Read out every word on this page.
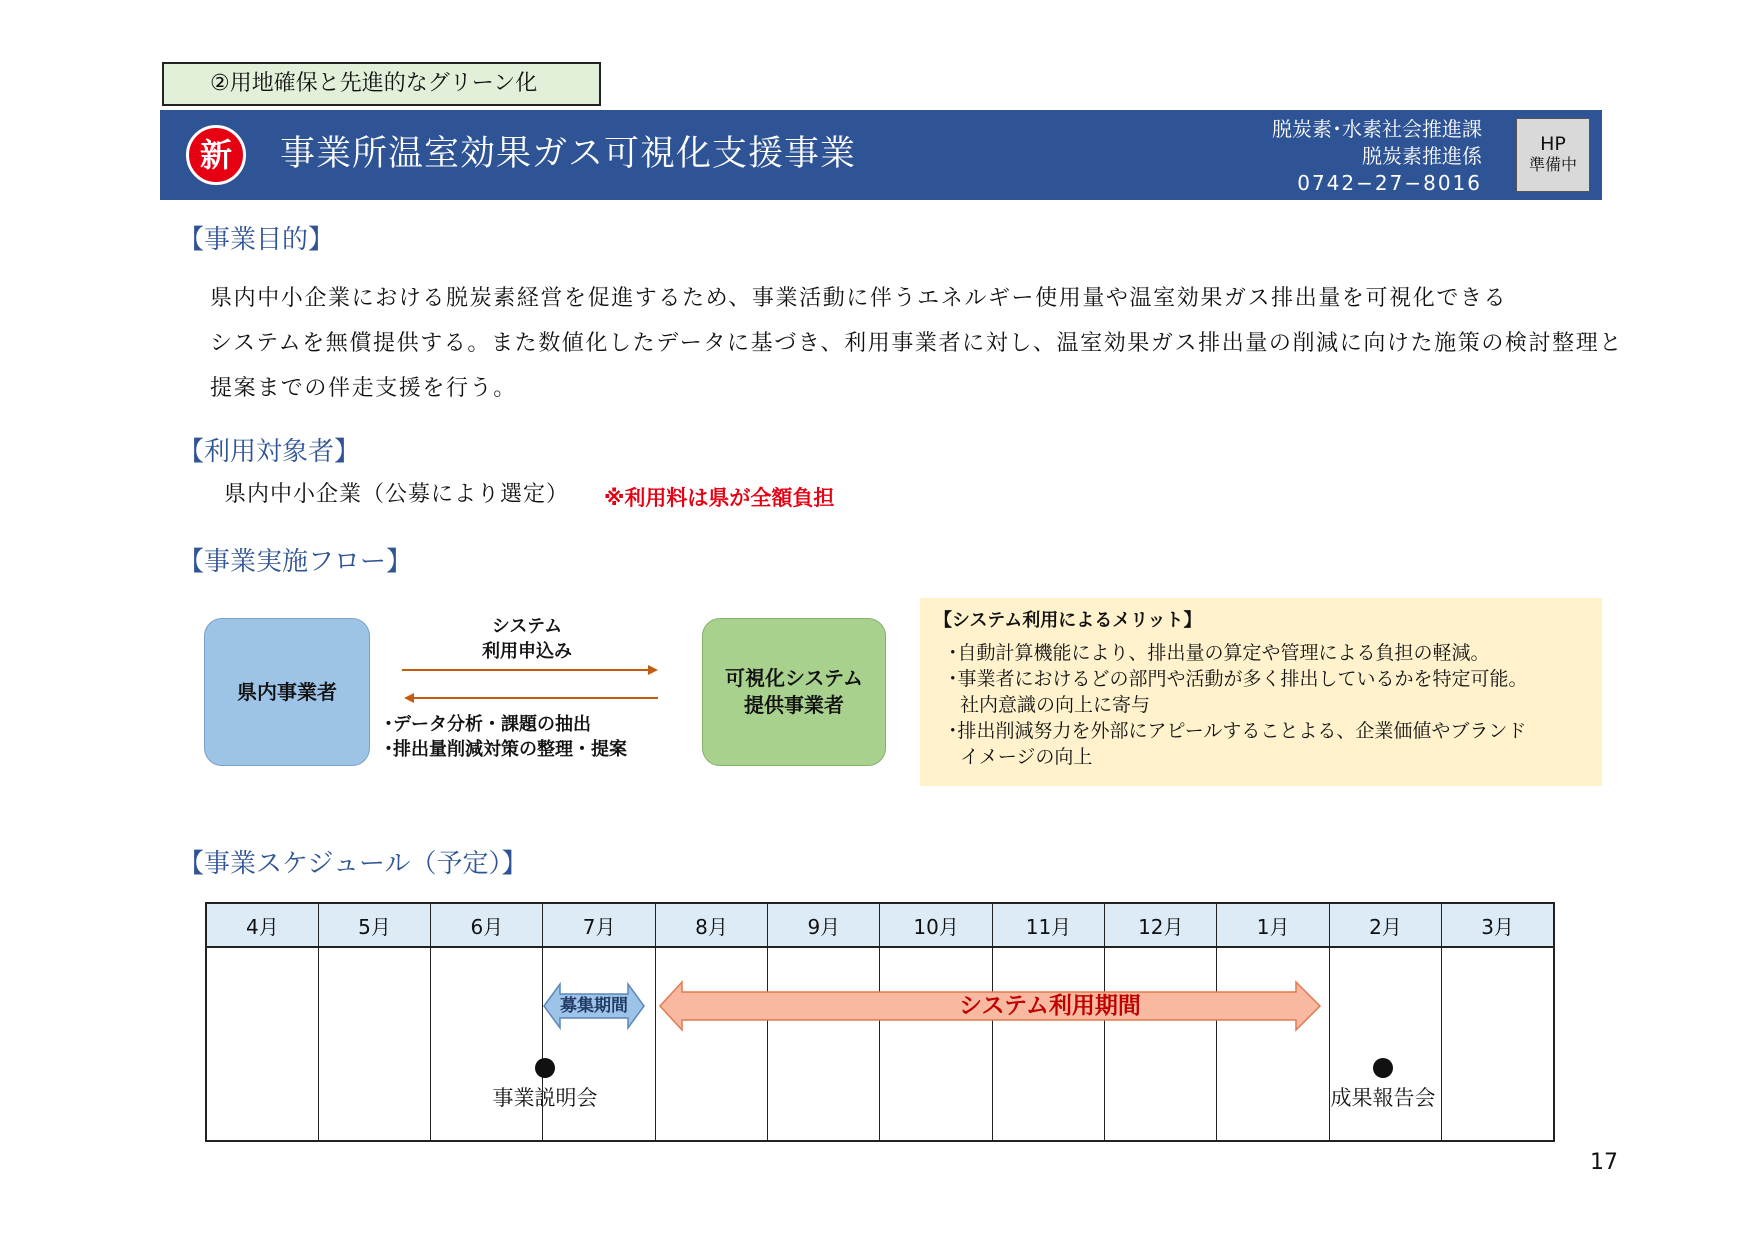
②用地確保と先進的なグリーン化
新	事業所温室効果ガス可視化支援事業
脱炭素･水素社会推進課
脱炭素推進係
0742−27−8016
HP
準備中
【事業目的】
県内中小企業における脱炭素経営を促進するため、事業活動に伴うエネルギー使用量や温室効果ガス排出量を可視化できる
システムを無償提供する。また数値化したデータに基づき、利用事業者に対し、温室効果ガス排出量の削減に向けた施策の検討整理と
提案までの伴走支援を行う。
【利用対象者】
県内中小企業（公募により選定） ※利用料は県が全額負担
【事業実施フロー】
県内事業者
可視化システム
提供事業者
システム
利用申込み
･データ分析・課題の抽出
･排出量削減対策の整理・提案
【システム利用によるメリット】
･自動計算機能により、排出量の算定や管理による負担の軽減。
･事業者におけるどの部門や活動が多く排出しているかを特定可能。
社内意識の向上に寄与
･排出削減努力を外部にアピールすることよる、企業価値やブランド
イメージの向上
【事業スケジュール（予定）】
4月	5月	6月	7月	8月	9月	10月	11月	12月	1月	2月	3月

募集期間	システム利用期間
事業説明会	成果報告会
17
